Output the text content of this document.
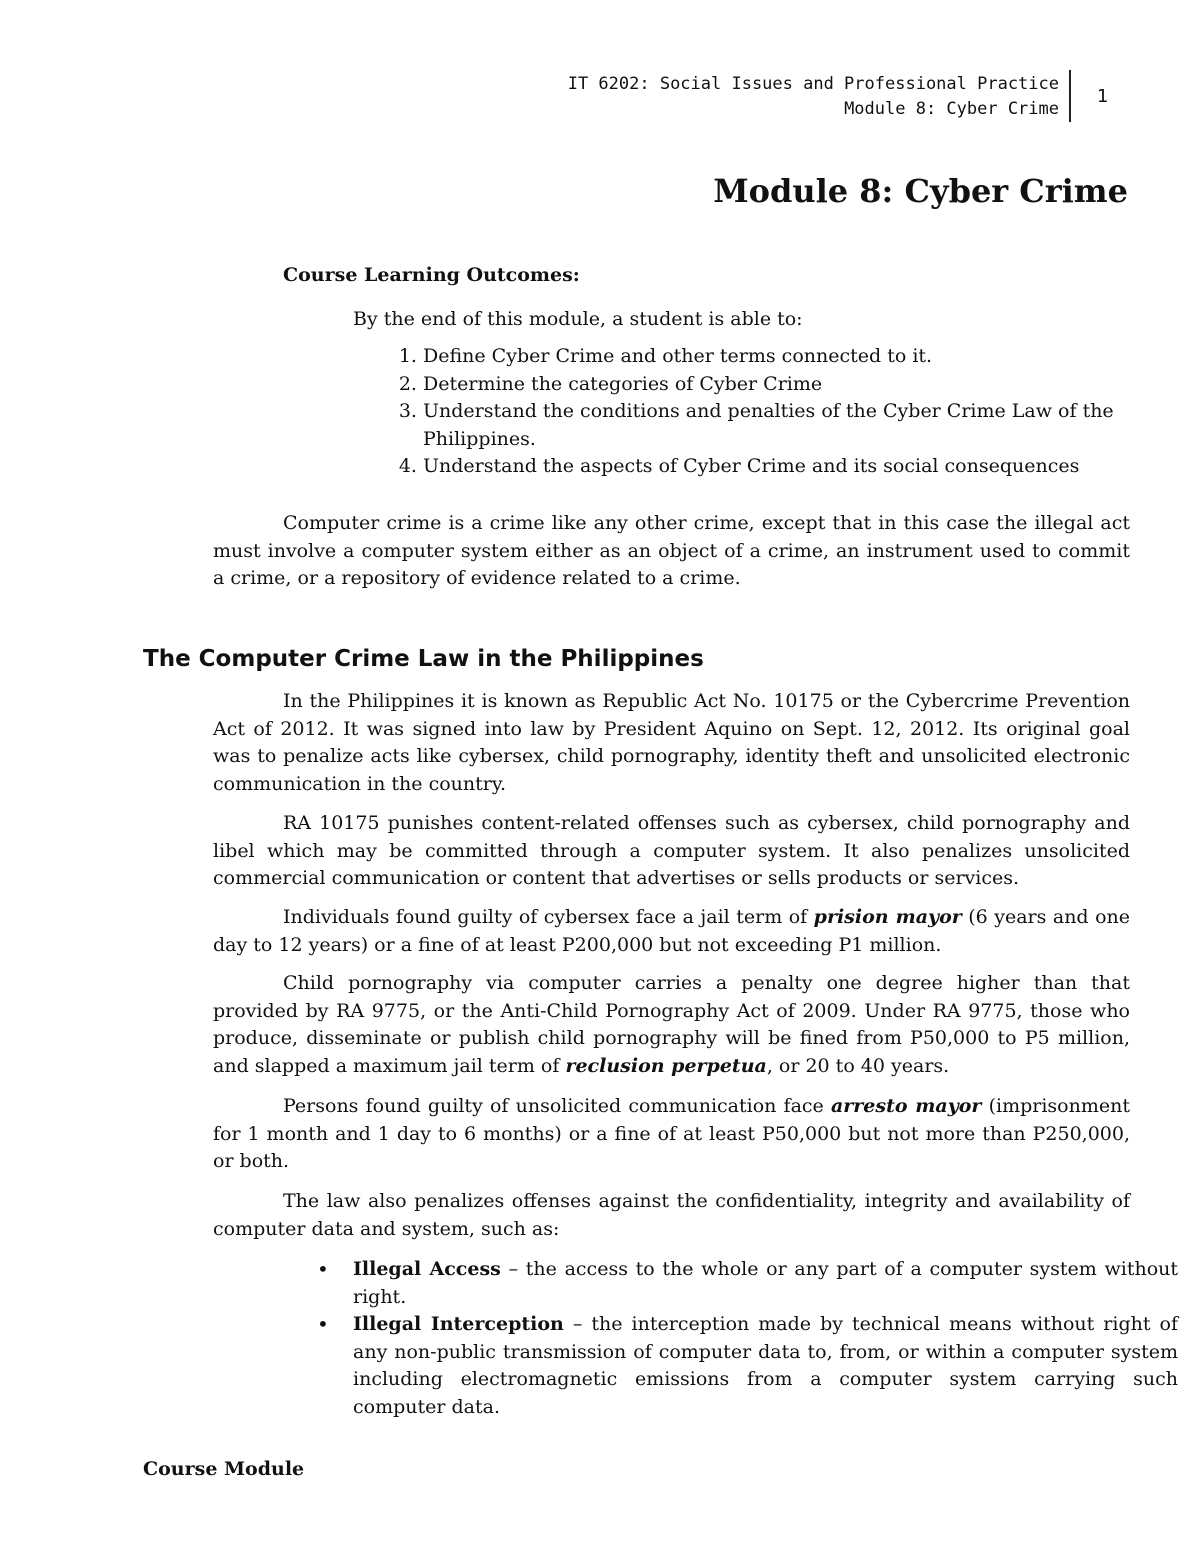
IT 6202: Social Issues and Professional Practice
Module 8: Cyber Crime
1
Module 8: Cyber Crime
Course Learning Outcomes:
By the end of this module, a student is able to:
1. Define Cyber Crime and other terms connected to it.
2. Determine the categories of Cyber Crime
3. Understand the conditions and penalties of the Cyber Crime Law of the Philippines.
4. Understand the aspects of Cyber Crime and its social consequences
Computer crime is a crime like any other crime, except that in this case the illegal act must involve a computer system either as an object of a crime, an instrument used to commit a crime, or a repository of evidence related to a crime.
The Computer Crime Law in the Philippines
In the Philippines it is known as Republic Act No. 10175 or the Cybercrime Prevention Act of 2012. It was signed into law by President Aquino on Sept. 12, 2012. Its original goal was to penalize acts like cybersex, child pornography, identity theft and unsolicited electronic communication in the country.
RA 10175 punishes content-related offenses such as cybersex, child pornography and libel which may be committed through a computer system. It also penalizes unsolicited commercial communication or content that advertises or sells products or services.
Individuals found guilty of cybersex face a jail term of prision mayor (6 years and one day to 12 years) or a fine of at least P200,000 but not exceeding P1 million.
Child pornography via computer carries a penalty one degree higher than that provided by RA 9775, or the Anti-Child Pornography Act of 2009. Under RA 9775, those who produce, disseminate or publish child pornography will be fined from P50,000 to P5 million, and slapped a maximum jail term of reclusion perpetua, or 20 to 40 years.
Persons found guilty of unsolicited communication face arresto mayor (imprisonment for 1 month and 1 day to 6 months) or a fine of at least P50,000 but not more than P250,000, or both.
The law also penalizes offenses against the confidentiality, integrity and availability of computer data and system, such as:
• Illegal Access – the access to the whole or any part of a computer system without right.
• Illegal Interception – the interception made by technical means without right of any non-public transmission of computer data to, from, or within a computer system including electromagnetic emissions from a computer system carrying such computer data.
Course Module
